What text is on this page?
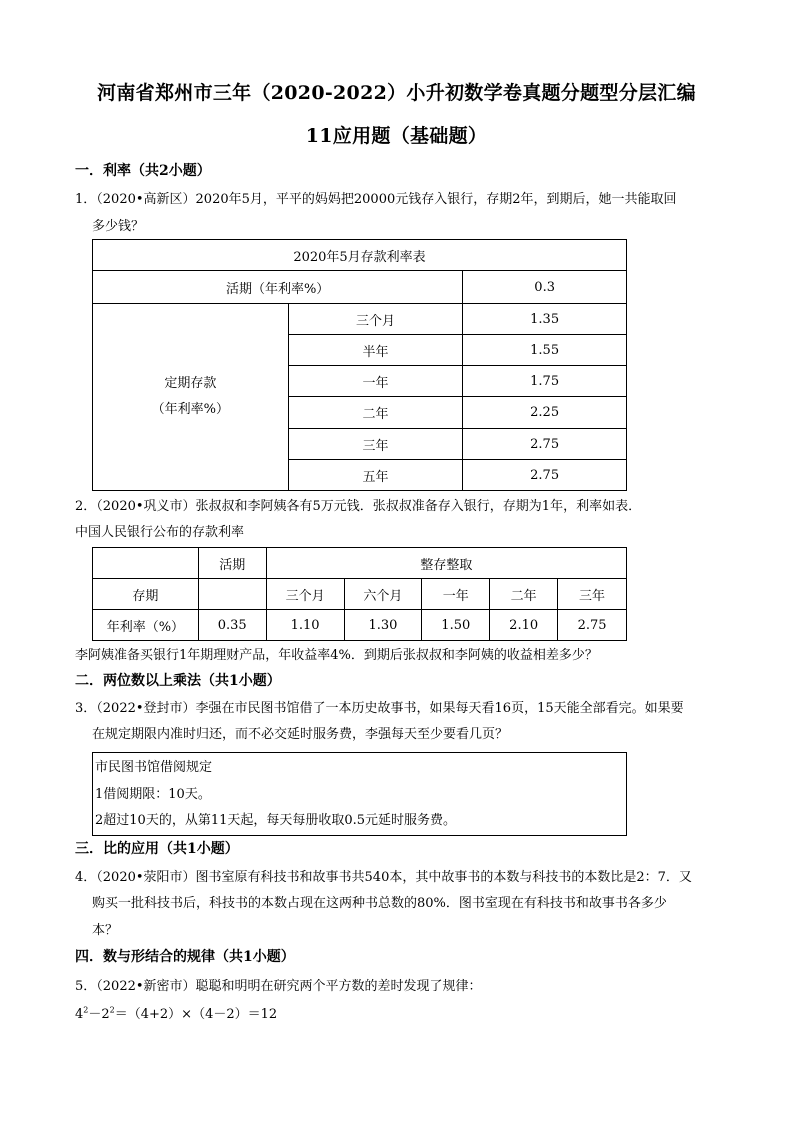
河南省郑州市三年（2020-2022）小升初数学卷真题分题型分层汇编
11应用题（基础题）
一．利率（共2小题）
1．（2020•高新区）2020年5月，平平的妈妈把20000元钱存入银行，存期2年，到期后，她一共能取回
多少钱？
2020年5月存款利率表		
活期（年利率%）		0.3

定期存款
（年利率%）	三个月	1.35
	半年	1.55
	一年	1.75
	二年	2.25
	三年	2.75
	五年	2.75
2．（2020•巩义市）张叔叔和李阿姨各有5万元钱．张叔叔准备存入银行，存期为1年，利率如表．
中国人民银行公布的存款利率
	活期	整存整取				
存期		三个月	六个月	一年	二年	三年
年利率（%）	0.35	1.10	1.30	1.50	2.10	2.75
李阿姨准备买银行1年期理财产品，年收益率4%．到期后张叔叔和李阿姨的收益相差多少？
二．两位数以上乘法（共1小题）
3．（2022•登封市）李强在市民图书馆借了一本历史故事书，如果每天看16页，15天能全部看完。如果要
在规定期限内准时归还，而不必交延时服务费，李强每天至少要看几页？
市民图书馆借阅规定
1借阅期限：10天。
2超过10天的，从第11天起，每天每册收取0.5元延时服务费。
三．比的应用（共1小题）
4．（2020•荥阳市）图书室原有科技书和故事书共540本，其中故事书的本数与科技书的本数比是2：7．又
购买一批科技书后，科技书的本数占现在这两种书总数的80%．图书室现在有科技书和故事书各多少
本？
四．数与形结合的规律（共1小题）
5．（2022•新密市）聪聪和明明在研究两个平方数的差时发现了规律：
$4^2-2^2=(4+2)\times(4-2)=12$
